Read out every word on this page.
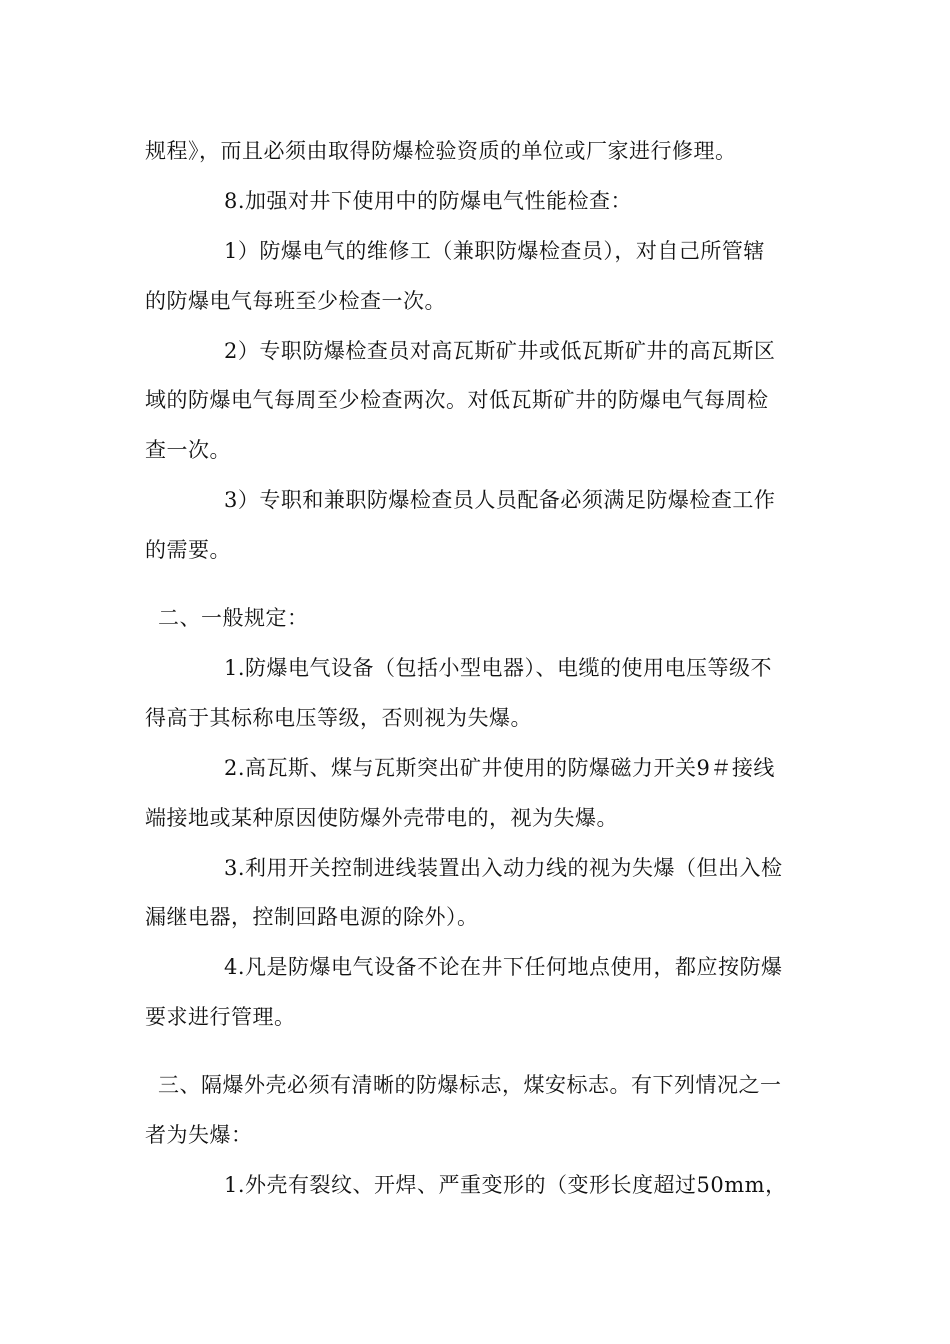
规程》，而且必须由取得防爆检验资质的单位或厂家进行修理。
8.加强对井下使用中的防爆电气性能检查：
1）防爆电气的维修工（兼职防爆检查员），对自己所管辖
的防爆电气每班至少检查一次。
2）专职防爆检查员对高瓦斯矿井或低瓦斯矿井的高瓦斯区
域的防爆电气每周至少检查两次。对低瓦斯矿井的防爆电气每周检
查一次。
3）专职和兼职防爆检查员人员配备必须满足防爆检查工作
的需要。
二、一般规定：
1.防爆电气设备（包括小型电器）、电缆的使用电压等级不
得高于其标称电压等级，否则视为失爆。
2.高瓦斯、煤与瓦斯突出矿井使用的防爆磁力开关9＃接线
端接地或某种原因使防爆外壳带电的，视为失爆。
3.利用开关控制进线装置出入动力线的视为失爆（但出入检
漏继电器，控制回路电源的除外）。
4.凡是防爆电气设备不论在井下任何地点使用，都应按防爆
要求进行管理。
三、隔爆外壳必须有清晰的防爆标志，煤安标志。有下列情况之一
者为失爆：
1.外壳有裂纹、开焊、严重变形的（变形长度超过50mm，
